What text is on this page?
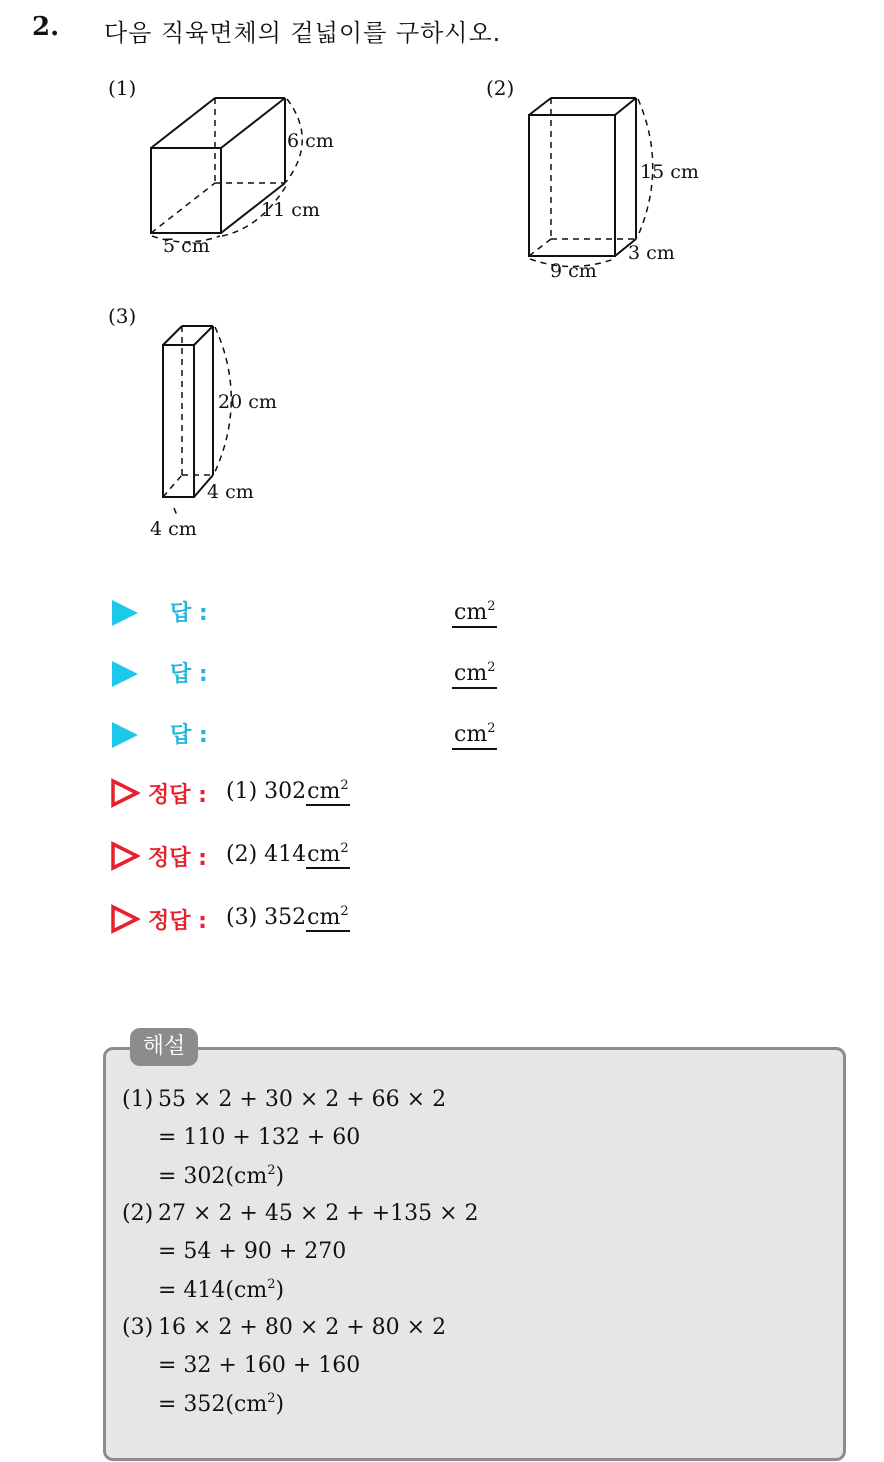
2. 다음 직육면체의 겉넓이를 구하시오.
(1)	(2)
(3)
6 cm
11 cm
5 cm
15 cm
3 cm
9 cm
20 cm
4 cm
4 cm
답 :	$cm^2$
답 :	$cm^2$
답 :	$cm^2$
정답 : (1) $302cm^2$
정답 : (2) $414cm^2$
정답 : (3) $352cm^2$
해설
(1) 55 × 2 + 30 × 2 + 66 × 2
= 110 + 132 + 60
= $302(cm^2)$
(2) 27 × 2 + 45 × 2 + +135 × 2
= 54 + 90 + 270
= $414(cm^2)$
(3) 16 × 2 + 80 × 2 + 80 × 2
= 32 + 160 + 160
= $352(cm^2)$
